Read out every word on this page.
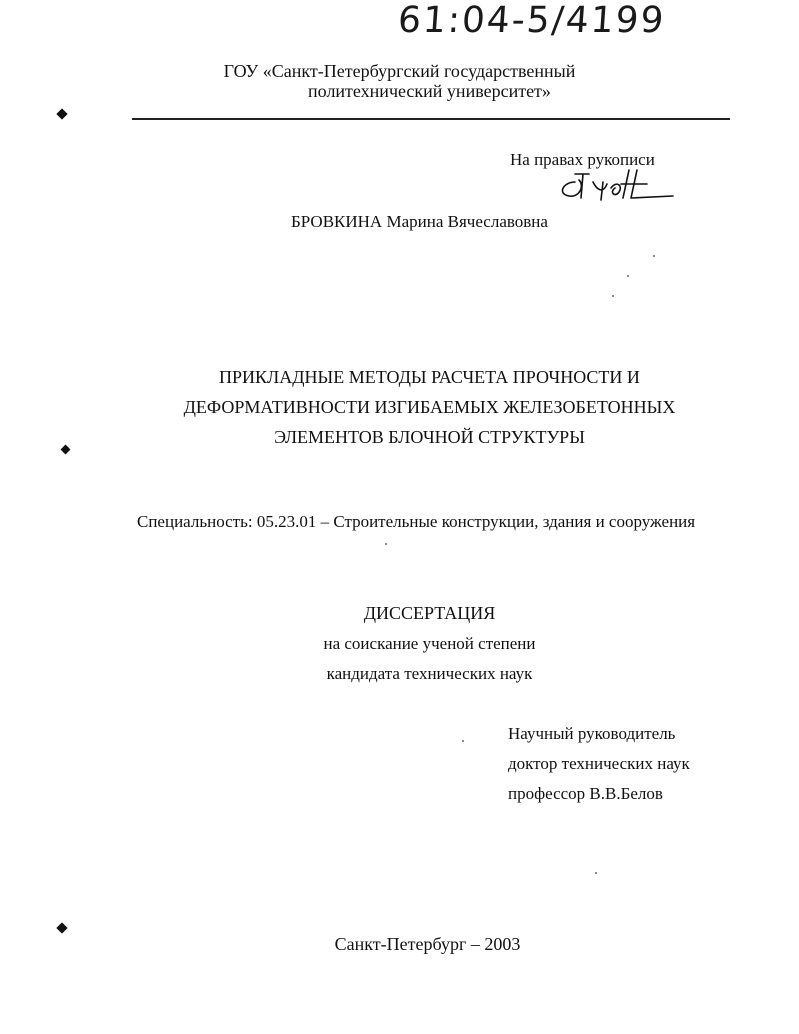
61:04-5/4199
ГОУ «Санкт-Петербургский государственный
политехнический университет»
На правах рукописи
БРОВКИНА Марина Вячеславовна
ПРИКЛАДНЫЕ МЕТОДЫ РАСЧЕТА ПРОЧНОСТИ И
ДЕФОРМАТИВНОСТИ ИЗГИБАЕМЫХ ЖЕЛЕЗОБЕТОННЫХ
ЭЛЕМЕНТОВ БЛОЧНОЙ СТРУКТУРЫ
Специальность: 05.23.01 – Строительные конструкции, здания и сооружения
ДИССЕРТАЦИЯ
на соискание ученой степени
кандидата технических наук
Научный руководитель
доктор технических наук
профессор В.В.Белов
Санкт-Петербург – 2003
